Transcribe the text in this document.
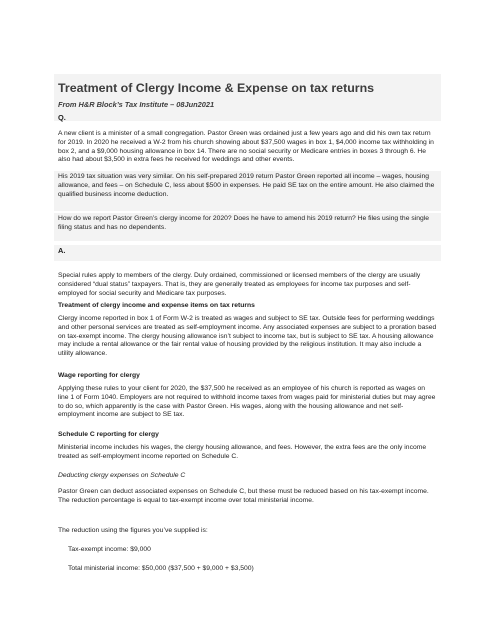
Treatment of Clergy Income & Expense on tax returns
From H&R Block’s Tax Institute – 08Jun2021
Q.

A new client is a minister of a small congregation. Pastor Green was ordained just a few years ago and did his own tax return for 2019. In 2020 he received a W-2 from his church showing about $37,500 wages in box 1, $4,000 income tax withholding in box 2, and a $9,000 housing allowance in box 14. There are no social security or Medicare entries in boxes 3 through 6. He also had about $3,500 in extra fees he received for weddings and other events.

His 2019 tax situation was very similar. On his self-prepared 2019 return Pastor Green reported all income – wages, housing allowance, and fees – on Schedule C, less about $500 in expenses. He paid SE tax on the entire amount. He also claimed the qualified business income deduction.

How do we report Pastor Green’s clergy income for 2020? Does he have to amend his 2019 return? He files using the single filing status and has no dependents.

A.

Special rules apply to members of the clergy. Duly ordained, commissioned or licensed members of the clergy are usually considered “dual status” taxpayers. That is, they are generally treated as employees for income tax purposes and self-employed for social security and Medicare tax purposes.

Treatment of clergy income and expense items on tax returns

Clergy income reported in box 1 of Form W-2 is treated as wages and subject to SE tax. Outside fees for performing weddings and other personal services are treated as self-employment income. Any associated expenses are subject to a proration based on tax-exempt income. The clergy housing allowance isn’t subject to income tax, but is subject to SE tax. A housing allowance may include a rental allowance or the fair rental value of housing provided by the religious institution. It may also include a utility allowance.

Wage reporting for clergy

Applying these rules to your client for 2020, the $37,500 he received as an employee of his church is reported as wages on line 1 of Form 1040. Employers are not required to withhold income taxes from wages paid for ministerial duties but may agree to do so, which apparently is the case with Pastor Green. His wages, along with the housing allowance and net self-employment income are subject to SE tax.

Schedule C reporting for clergy

Ministerial income includes his wages, the clergy housing allowance, and fees. However, the extra fees are the only income treated as self-employment income reported on Schedule C.

Deducting clergy expenses on Schedule C

Pastor Green can deduct associated expenses on Schedule C, but these must be reduced based on his tax-exempt income. The reduction percentage is equal to tax-exempt income over total ministerial income.

The reduction using the figures you’ve supplied is:

Tax-exempt income: $9,000

Total ministerial income: $50,000 ($37,500 + $9,000 + $3,500)
